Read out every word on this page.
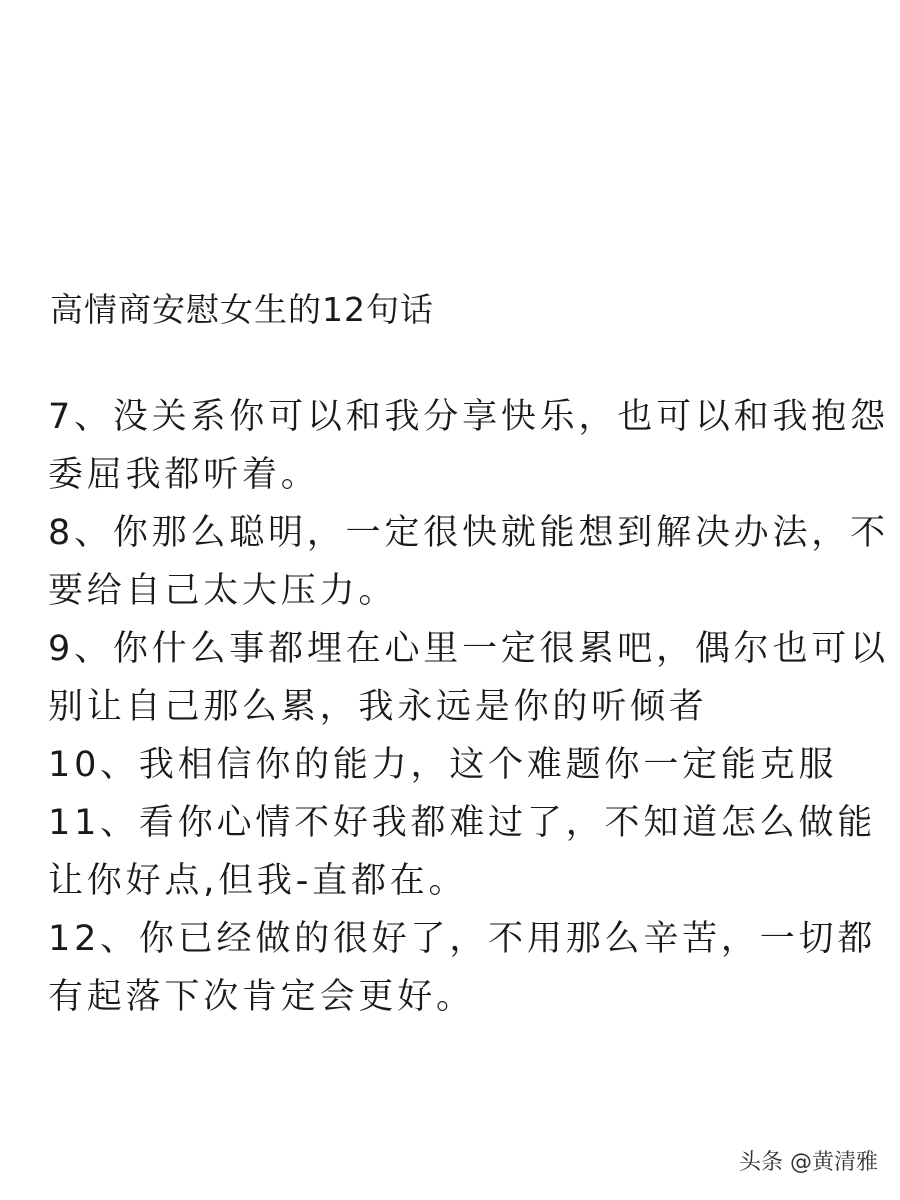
高情商安慰女生的12句话
7、没关系你可以和我分享快乐，也可以和我抱怨
委屈我都听着。
8、你那么聪明，一定很快就能想到解决办法，不
要给自己太大压力。
9、你什么事都埋在心里一定很累吧，偶尔也可以
别让自己那么累，我永远是你的听倾者
10、我相信你的能力，这个难题你一定能克服
11、看你心情不好我都难过了，不知道怎么做能
让你好点,但我-直都在。
12、你已经做的很好了，不用那么辛苦，一切都
有起落下次肯定会更好。
头条 @黄清雅
